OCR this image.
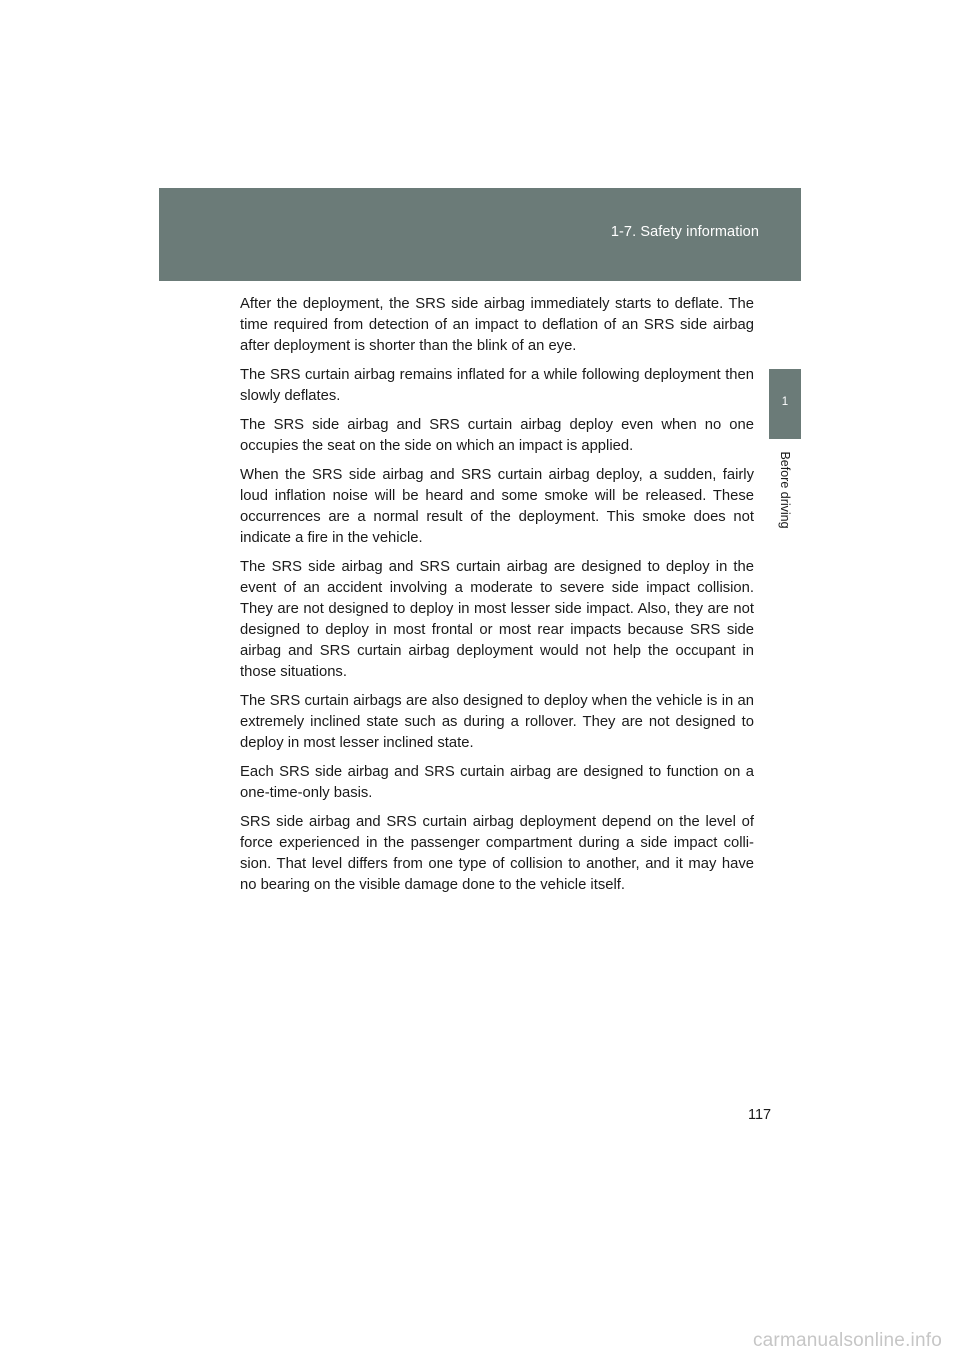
1-7. Safety information
1
Before driving

After the deployment, the SRS side airbag immediately starts to deflate. The time required from detection of an impact to deflation of an SRS side airbag after deployment is shorter than the blink of an eye.

The SRS curtain airbag remains inflated for a while following deployment then slowly deflates.

The SRS side airbag and SRS curtain airbag deploy even when no one occupies the seat on the side on which an impact is applied.

When the SRS side airbag and SRS curtain airbag deploy, a sudden, fairly loud inflation noise will be heard and some smoke will be released. These occurrences are a normal result of the deployment. This smoke does not indicate a fire in the vehicle.

The SRS side airbag and SRS curtain airbag are designed to deploy in the event of an accident involving a moderate to severe side impact collision. They are not designed to deploy in most lesser side impact. Also, they are not designed to deploy in most frontal or most rear impacts because SRS side airbag and SRS curtain airbag deployment would not help the occupant in those situations.

The SRS curtain airbags are also designed to deploy when the vehicle is in an extremely inclined state such as during a rollover. They are not designed to deploy in most lesser inclined state.

Each SRS side airbag and SRS curtain airbag are designed to function on a one-time-only basis.

SRS side airbag and SRS curtain airbag deployment depend on the level of force experienced in the passenger compartment during a side impact colli-sion. That level differs from one type of collision to another, and it may have no bearing on the visible damage done to the vehicle itself.

117
carmanualsonline.info
